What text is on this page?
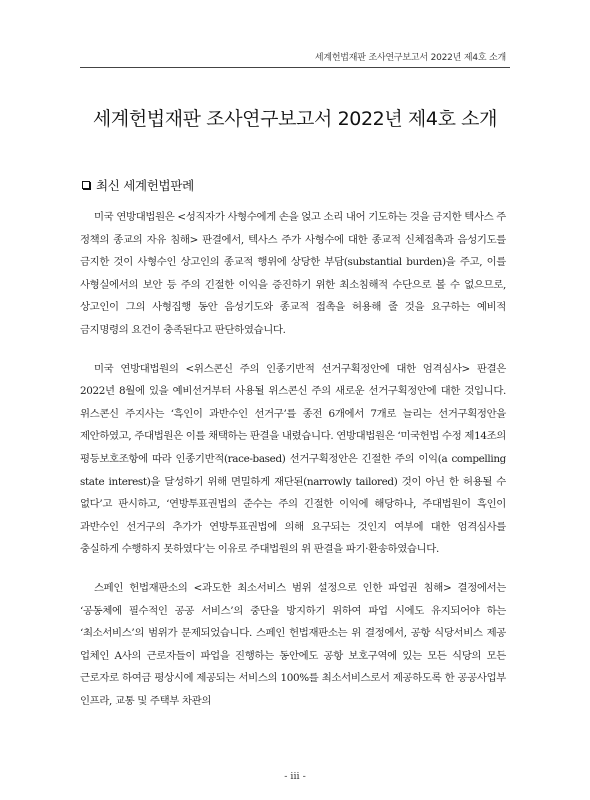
세계헌법재판 조사연구보고서 2022년 제4호 소개
세계헌법재판 조사연구보고서 2022년 제4호 소개
최신 세계헌법판례

미국 연방대법원은 <성직자가 사형수에게 손을 얹고 소리 내어 기도하는 것을 금지한 텍사스 주 정책의 종교의 자유 침해> 판결에서, 텍사스 주가 사형수에 대한 종교적 신체접촉과 음성기도를 금지한 것이 사형수인 상고인의 종교적 행위에 상당한 부담(substantial burden)을 주고, 이를 사형실에서의 보안 등 주의 긴절한 이익을 증진하기 위한 최소침해적 수단으로 볼 수 없으므로, 상고인이 그의 사형집행 동안 음성기도와 종교적 접촉을 허용해 줄 것을 요구하는 예비적 금지명령의 요건이 충족된다고 판단하였습니다.

미국 연방대법원의 <위스콘신 주의 인종기반적 선거구획정안에 대한 엄격심사> 판결은 2022년 8월에 있을 예비선거부터 사용될 위스콘신 주의 새로운 선거구획정안에 대한 것입니다. 위스콘신 주지사는 ‘흑인이 과반수인 선거구’를 종전 6개에서 7개로 늘리는 선거구획정안을 제안하였고, 주대법원은 이를 채택하는 판결을 내렸습니다. 연방대법원은 ‘미국헌법 수정 제14조의 평등보호조항에 따라 인종기반적(race-based) 선거구획정안은 긴절한 주의 이익(a compelling state interest)을 달성하기 위해 면밀하게 재단된(narrowly tailored) 것이 아닌 한 허용될 수 없다’고 판시하고, ‘연방투표권법의 준수는 주의 긴절한 이익에 해당하나, 주대법원이 흑인이 과반수인 선거구의 추가가 연방투표권법에 의해 요구되는 것인지 여부에 대한 엄격심사를 충실하게 수행하지 못하였다’는 이유로 주대법원의 위 판결을 파기·환송하였습니다.

스페인 헌법재판소의 <과도한 최소서비스 범위 설정으로 인한 파업권 침해> 결정에서는 ‘공동체에 필수적인 공공 서비스’의 중단을 방지하기 위하여 파업 시에도 유지되어야 하는 ‘최소서비스’의 범위가 문제되었습니다. 스페인 헌법재판소는 위 결정에서, 공항 식당서비스 제공 업체인 A사의 근로자들이 파업을 진행하는 동안에도 공항 보호구역에 있는 모든 식당의 모든 근로자로 하여금 평상시에 제공되는 서비스의 100%를 최소서비스로서 제공하도록 한 공공사업부 인프라, 교통 및 주택부 차관의

- iii -
